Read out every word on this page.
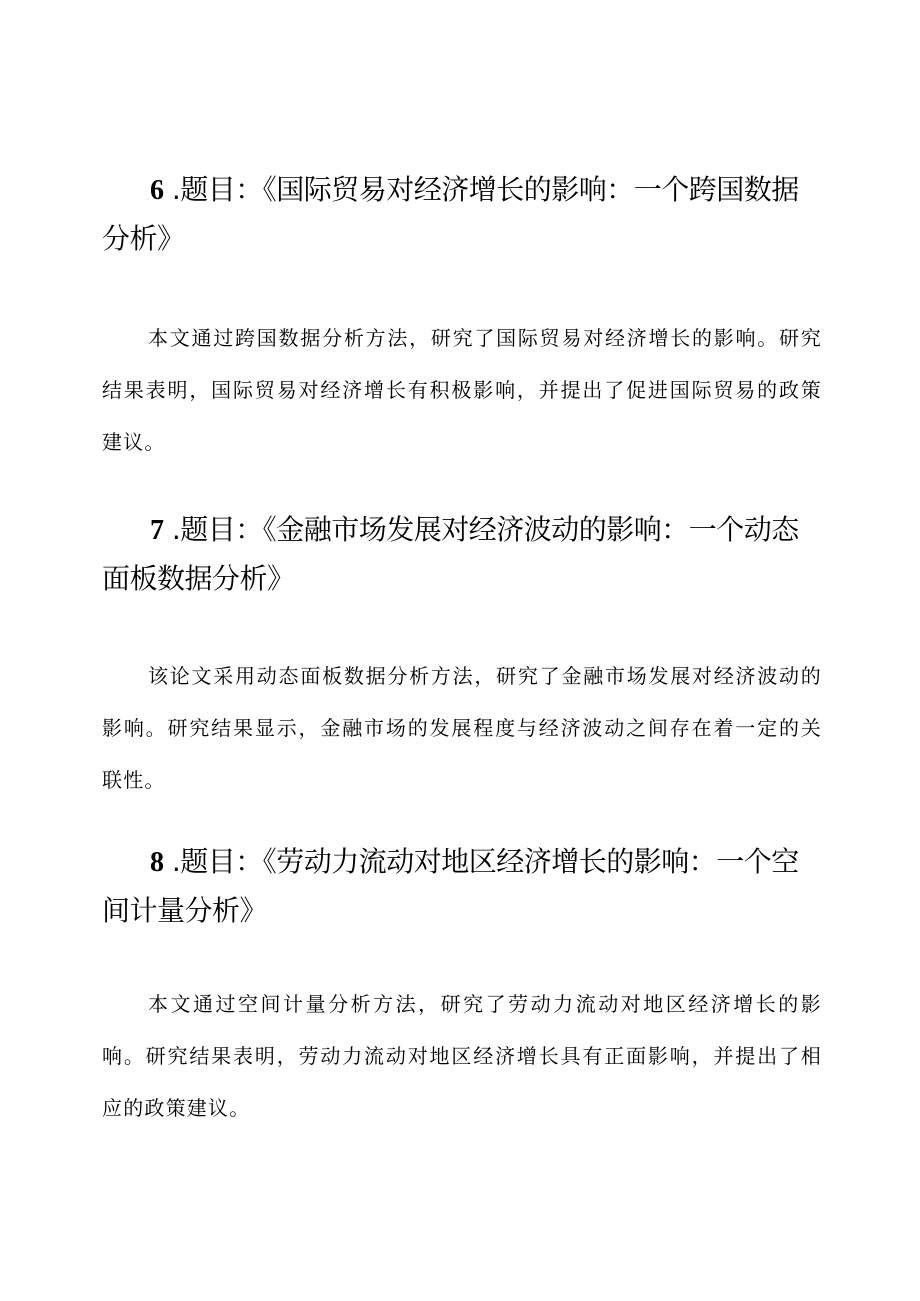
6 .题目：《国际贸易对经济增长的影响：一个跨国数据分析》

本文通过跨国数据分析方法，研究了国际贸易对经济增长的影响。研究结果表明，国际贸易对经济增长有积极影响，并提出了促进国际贸易的政策建议。

7 .题目：《金融市场发展对经济波动的影响：一个动态面板数据分析》

该论文采用动态面板数据分析方法，研究了金融市场发展对经济波动的影响。研究结果显示，金融市场的发展程度与经济波动之间存在着一定的关联性。

8 .题目：《劳动力流动对地区经济增长的影响：一个空间计量分析》

本文通过空间计量分析方法，研究了劳动力流动对地区经济增长的影响。研究结果表明，劳动力流动对地区经济增长具有正面影响，并提出了相应的政策建议。
